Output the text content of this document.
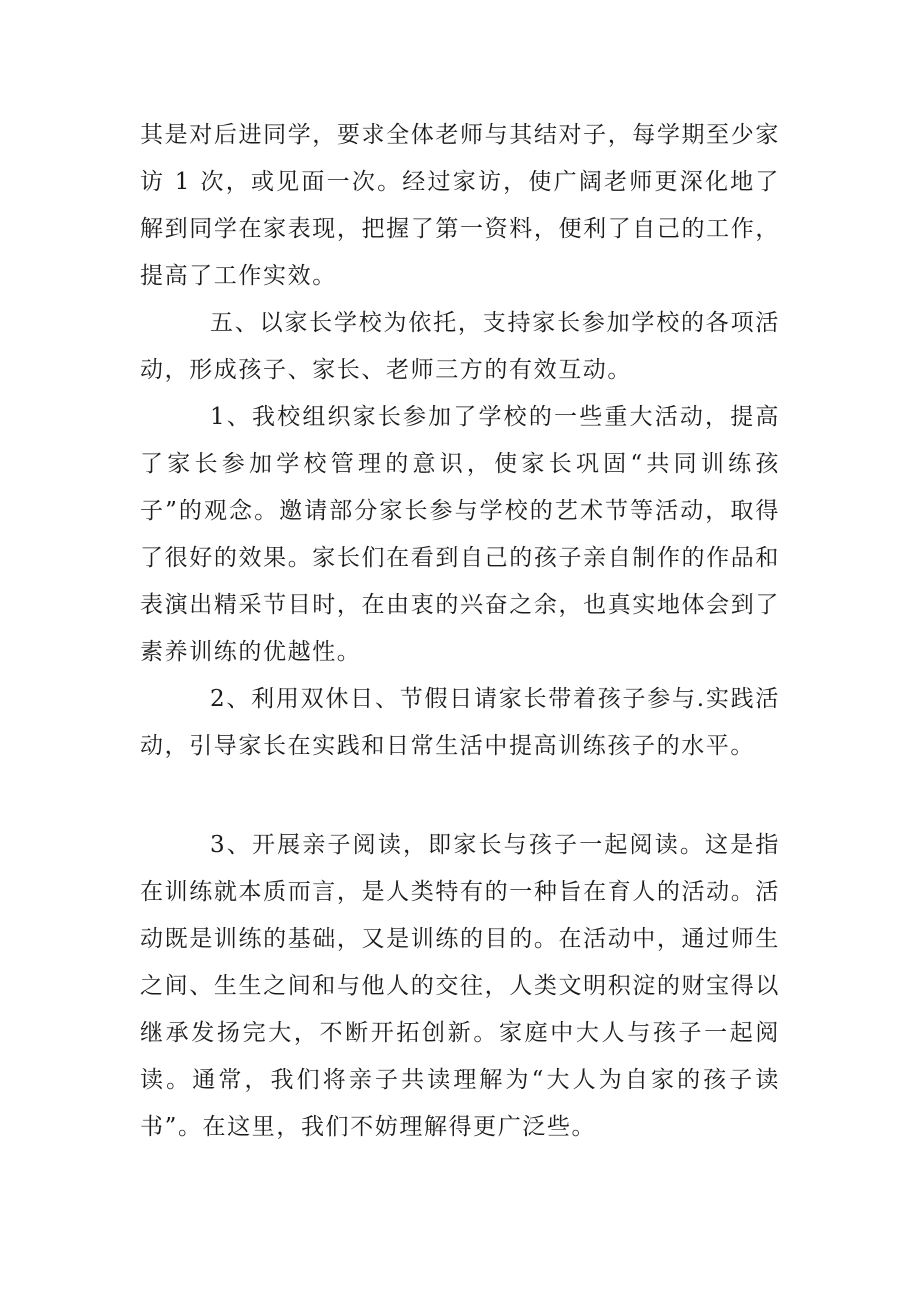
其是对后进同学，要求全体老师与其结对子，每学期至少家访 1 次，或见面一次。经过家访，使广阔老师更深化地了解到同学在家表现，把握了第一资料，便利了自己的工作，提高了工作实效。

五、以家长学校为依托，支持家长参加学校的各项活动，形成孩子、家长、老师三方的有效互动。

1、我校组织家长参加了学校的一些重大活动，提高了家长参加学校管理的意识，使家长巩固“共同训练孩子”的观念。邀请部分家长参与学校的艺术节等活动，取得了很好的效果。家长们在看到自己的孩子亲自制作的作品和表演出精采节目时，在由衷的兴奋之余，也真实地体会到了素养训练的优越性。

2、利用双休日、节假日请家长带着孩子参与.实践活动，引导家长在实践和日常生活中提高训练孩子的水平。

3、开展亲子阅读，即家长与孩子一起阅读。这是指在训练就本质而言，是人类特有的一种旨在育人的活动。活动既是训练的基础，又是训练的目的。在活动中，通过师生之间、生生之间和与他人的交往，人类文明积淀的财宝得以继承发扬完大，不断开拓创新。家庭中大人与孩子一起阅读。通常，我们将亲子共读理解为“大人为自家的孩子读书”。在这里，我们不妨理解得更广泛些。
